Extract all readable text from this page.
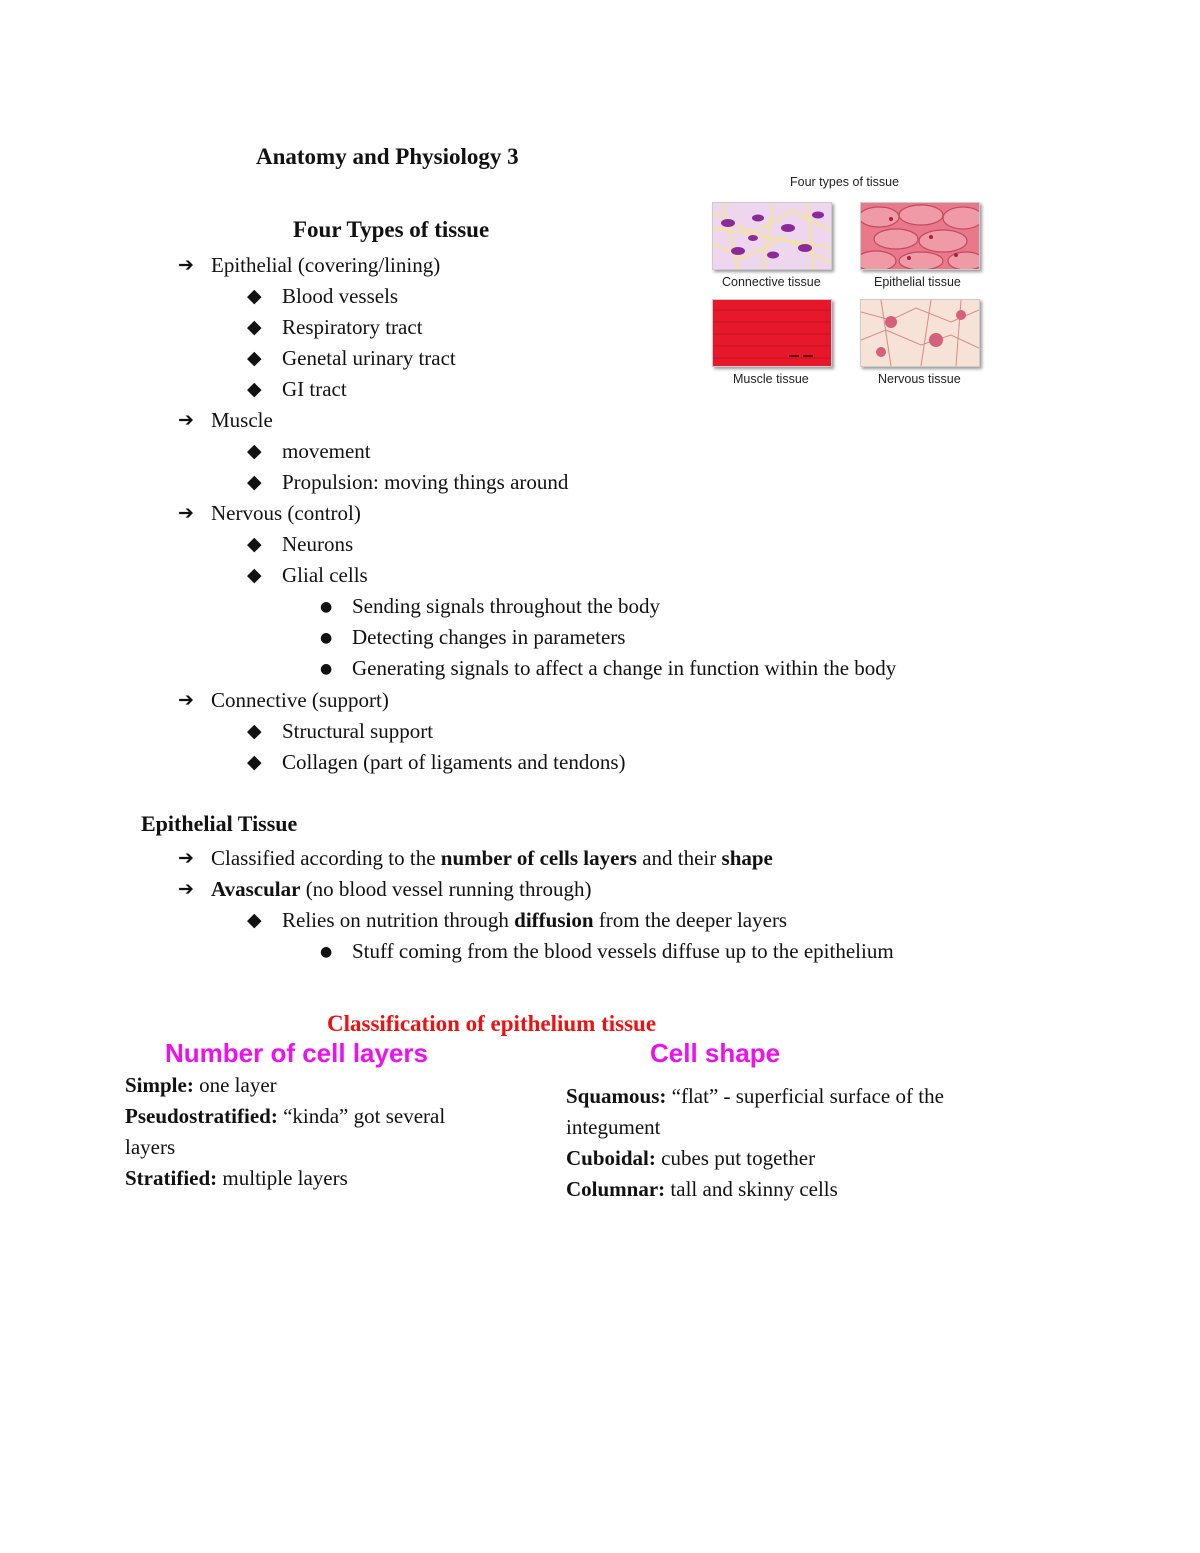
Anatomy and Physiology 3
Four Types of tissue
➔ Epithelial (covering/lining)
◆ Blood vessels
◆ Respiratory tract
◆ Genetal urinary tract
◆ GI tract
➔ Muscle
◆ movement
◆ Propulsion: moving things around
➔ Nervous (control)
◆ Neurons
◆ Glial cells
● Sending signals throughout the body
● Detecting changes in parameters
● Generating signals to affect a change in function within the body
➔ Connective (support)
◆ Structural support
◆ Collagen (part of ligaments and tendons)
Four types of tissue
Connective tissue	Epithelial tissue
Muscle tissue	Nervous tissue
Epithelial Tissue
➔ Classified according to the number of cells layers and their shape
➔ Avascular (no blood vessel running through)
◆ Relies on nutrition through diffusion from the deeper layers
● Stuff coming from the blood vessels diffuse up to the epithelium
Classification of epithelium tissue
Number of cell layers	Cell shape
Simple: one layer
Pseudostratified: “kinda” got several
layers
Stratified: multiple layers
Squamous: “flat” - superficial surface of the
integument
Cuboidal: cubes put together
Columnar: tall and skinny cells
